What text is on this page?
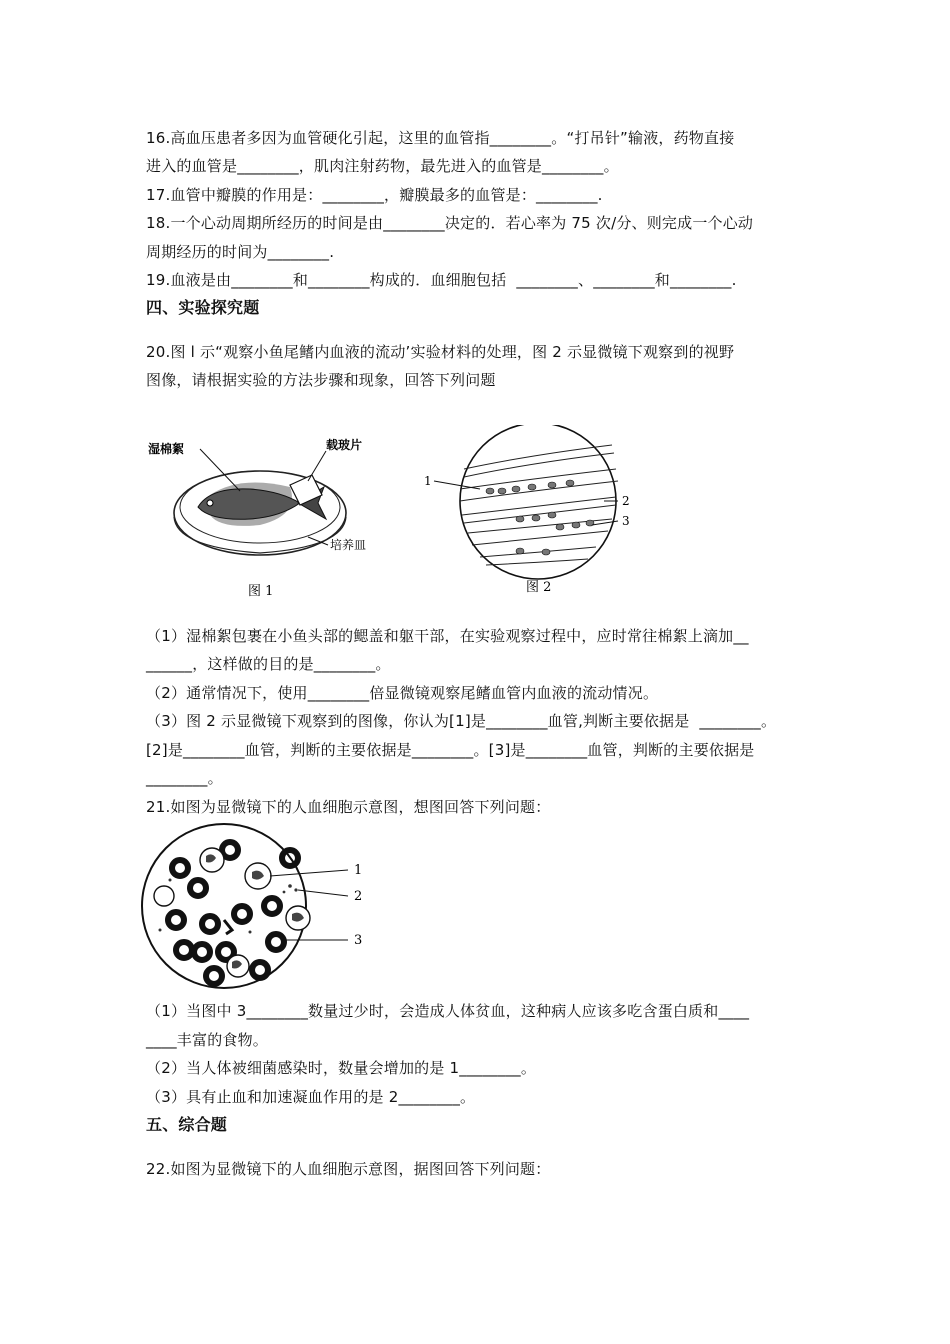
16.高血压患者多因为血管硬化引起，这里的血管指________。“打吊针”输液，药物直接
进入的血管是________，肌肉注射药物，最先进入的血管是________。
17.血管中瓣膜的作用是：________，瓣膜最多的血管是：________.
18.一个心动周期所经历的时间是由________决定的．若心率为 75 次/分、则完成一个心动
周期经历的时间为________.
19.血液是由________和________构成的．血细胞包括  ________、________和________.
四、实验探究题
20.图 l 示“观察小鱼尾鳍内血液的流动’实验材料的处理，图 2 示显微镜下观察到的视野
图像，请根据实验的方法步骤和现象，回答下列问题
湿棉絮	载玻片
培养皿
图 1
1
2
3
图 2
（1）湿棉絮包裹在小鱼头部的鳃盖和躯干部，在实验观察过程中，应时常往棉絮上滴加__
______，这样做的目的是________。
（2）通常情况下，使用________倍显微镜观察尾鳍血管内血液的流动情况。
（3）图 2 示显微镜下观察到的图像，你认为[1]是________血管,判断主要依据是  ________。
[2]是________血管，判断的主要依据是________。[3]是________血管，判断的主要依据是
________。
21.如图为显微镜下的人血细胞示意图，想图回答下列问题：
1
2
3
（1）当图中 3________数量过少时，会造成人体贫血，这种病人应该多吃含蛋白质和____
____丰富的食物。
（2）当人体被细菌感染时，数量会增加的是 1________。
（3）具有止血和加速凝血作用的是 2________。
五、综合题
22.如图为显微镜下的人血细胞示意图，据图回答下列问题：
